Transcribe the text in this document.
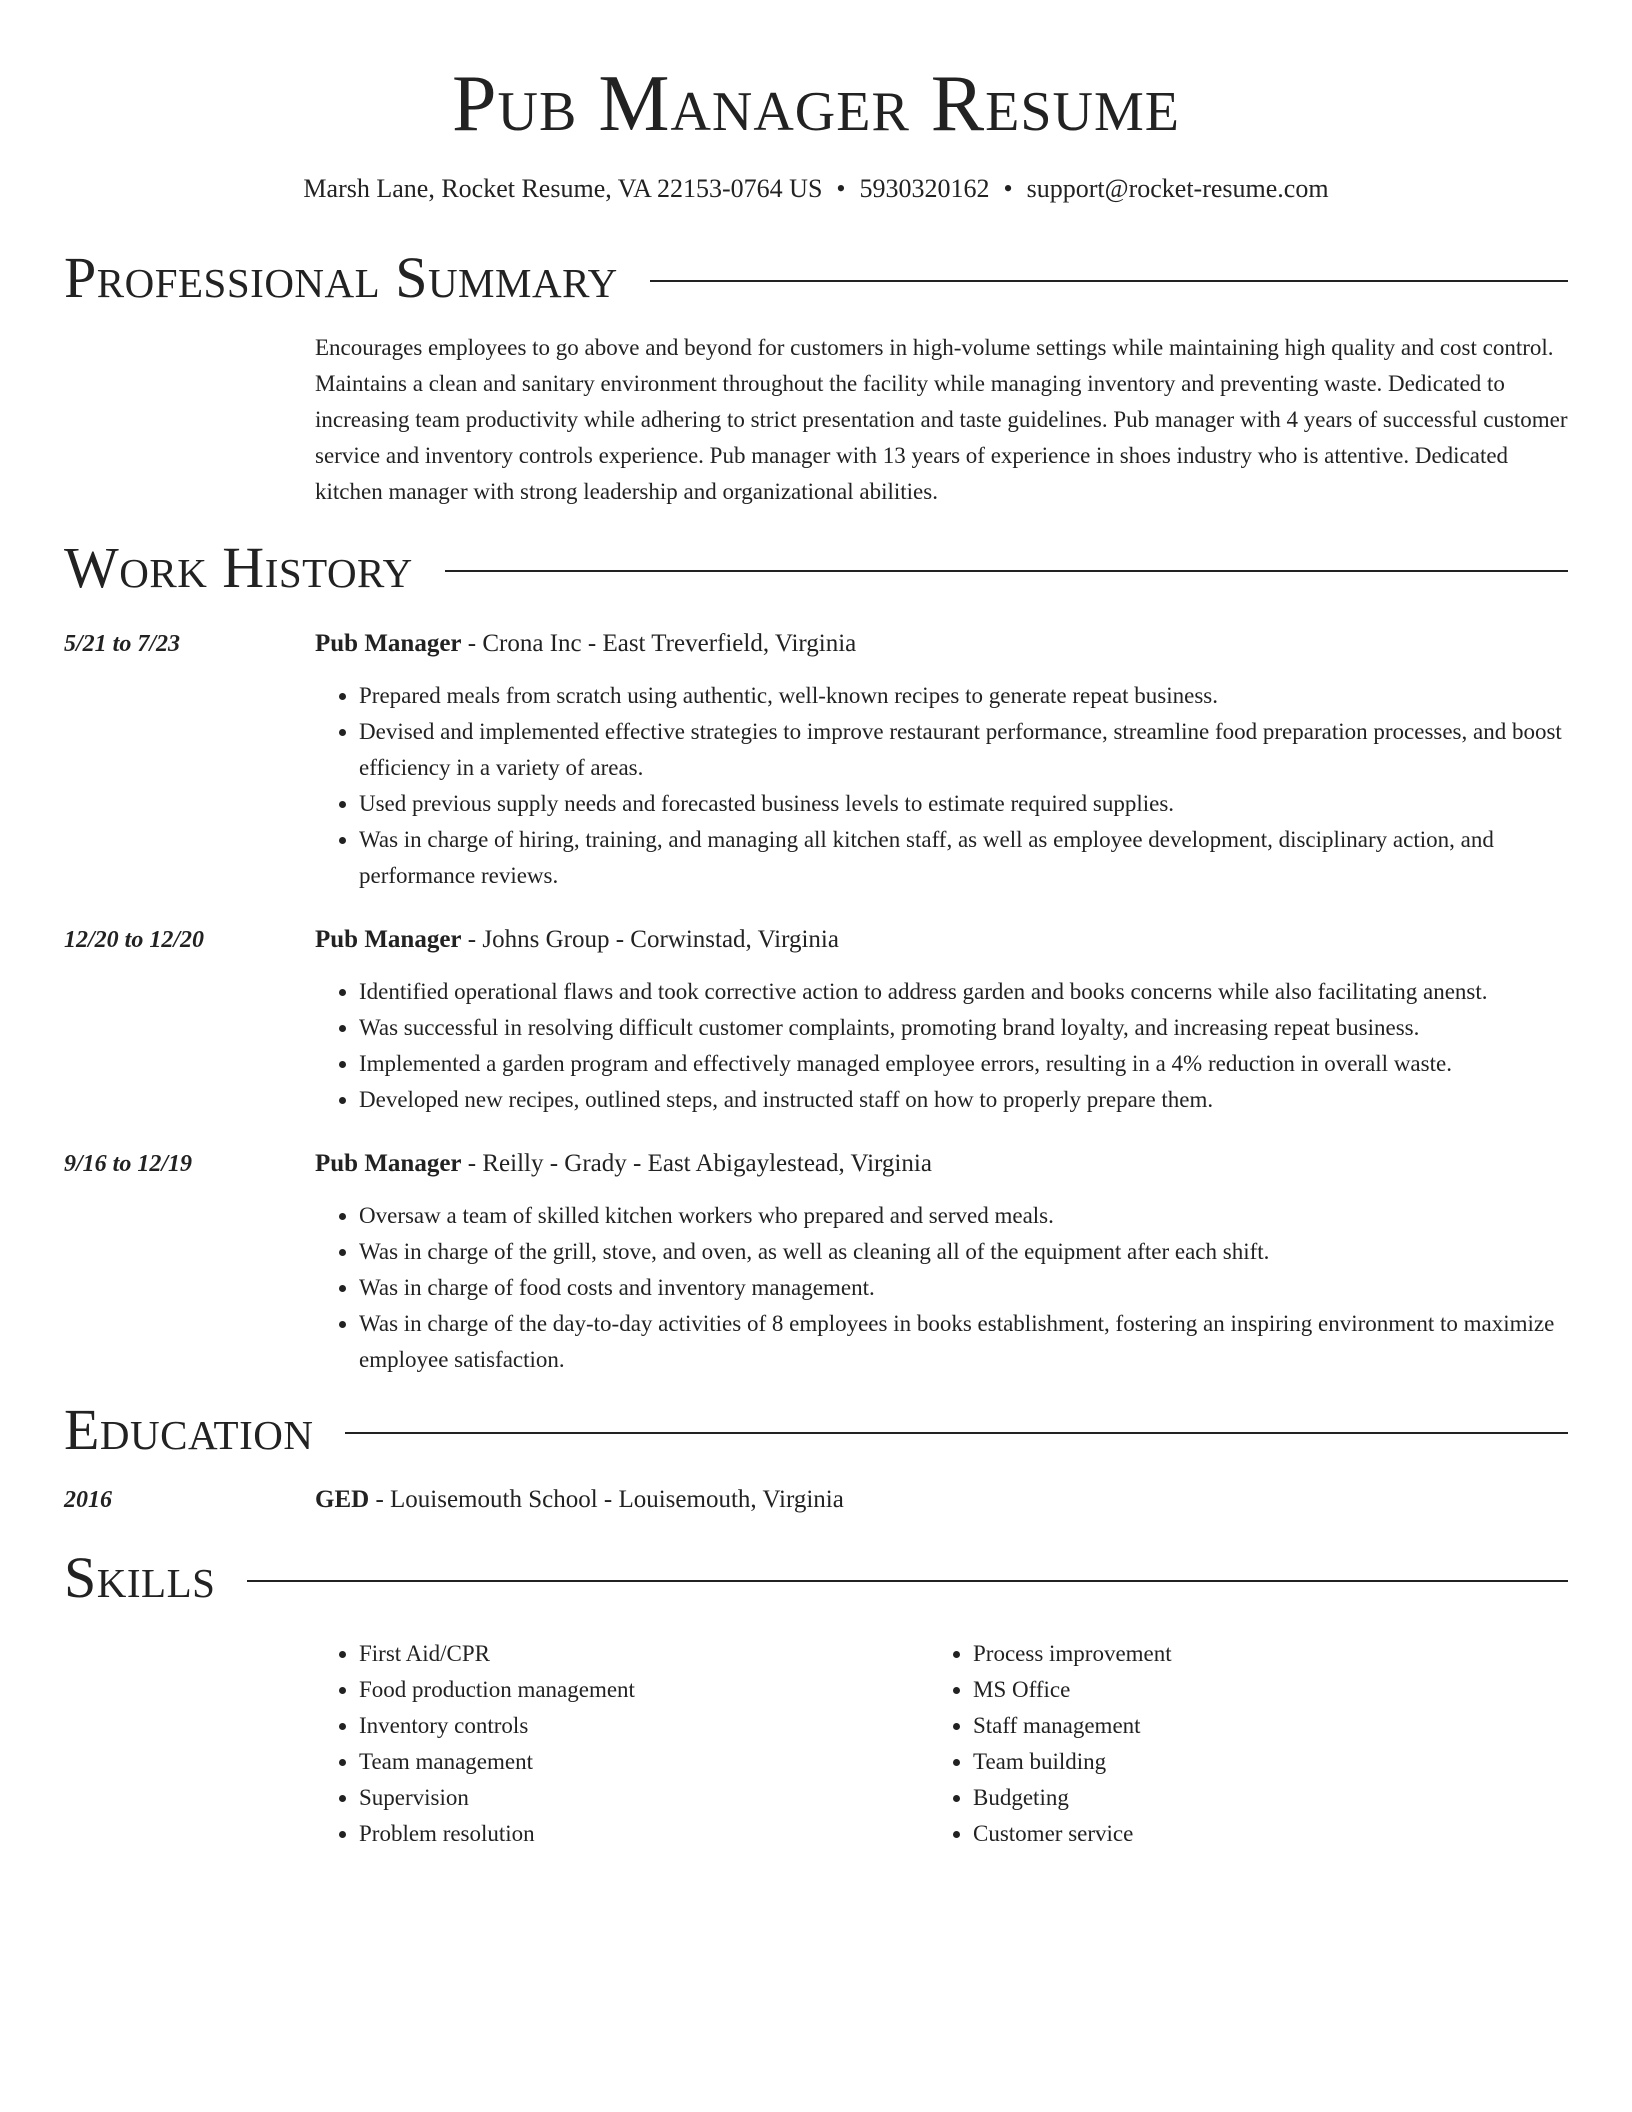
Pub Manager Resume
Marsh Lane, Rocket Resume, VA 22153-0764 US • 5930320162 • support@rocket-resume.com
Professional Summary
Encourages employees to go above and beyond for customers in high-volume settings while maintaining high quality and cost control. Maintains a clean and sanitary environment throughout the facility while managing inventory and preventing waste. Dedicated to increasing team productivity while adhering to strict presentation and taste guidelines. Pub manager with 4 years of successful customer service and inventory controls experience. Pub manager with 13 years of experience in shoes industry who is attentive. Dedicated kitchen manager with strong leadership and organizational abilities.
Work History
5/21 to 7/23	Pub Manager - Crona Inc - East Treverfield, Virginia
• Prepared meals from scratch using authentic, well-known recipes to generate repeat business.
• Devised and implemented effective strategies to improve restaurant performance, streamline food preparation processes, and boost efficiency in a variety of areas.
• Used previous supply needs and forecasted business levels to estimate required supplies.
• Was in charge of hiring, training, and managing all kitchen staff, as well as employee development, disciplinary action, and performance reviews.
12/20 to 12/20	Pub Manager - Johns Group - Corwinstad, Virginia
• Identified operational flaws and took corrective action to address garden and books concerns while also facilitating anenst.
• Was successful in resolving difficult customer complaints, promoting brand loyalty, and increasing repeat business.
• Implemented a garden program and effectively managed employee errors, resulting in a 4% reduction in overall waste.
• Developed new recipes, outlined steps, and instructed staff on how to properly prepare them.
9/16 to 12/19	Pub Manager - Reilly - Grady - East Abigaylestead, Virginia
• Oversaw a team of skilled kitchen workers who prepared and served meals.
• Was in charge of the grill, stove, and oven, as well as cleaning all of the equipment after each shift.
• Was in charge of food costs and inventory management.
• Was in charge of the day-to-day activities of 8 employees in books establishment, fostering an inspiring environment to maximize employee satisfaction.
Education
2016	GED - Louisemouth School - Louisemouth, Virginia
Skills
• First Aid/CPR
• Food production management
• Inventory controls
• Team management
• Supervision
• Problem resolution
• Process improvement
• MS Office
• Staff management
• Team building
• Budgeting
• Customer service
